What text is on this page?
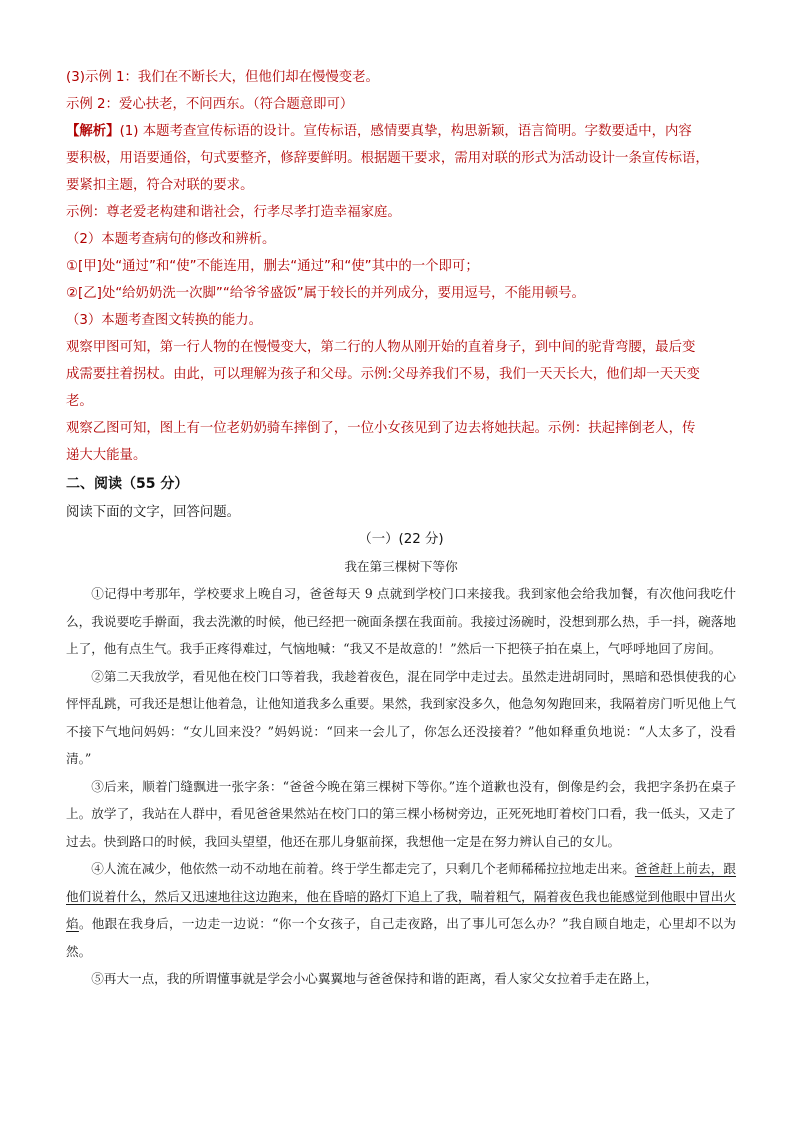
(3)示例 1：我们在不断长大，但他们却在慢慢变老。
示例 2：爱心扶老，不问西东。（符合题意即可）
【解析】(1) 本题考查宣传标语的设计。宣传标语，感情要真挚，构思新颖，语言简明。字数要适中，内容
要积极，用语要通俗，句式要整齐，修辞要鲜明。根据题干要求，需用对联的形式为活动设计一条宣传标语，
要紧扣主题，符合对联的要求。
示例：尊老爱老构建和谐社会，行孝尽孝打造幸福家庭。
（2）本题考查病句的修改和辨析。
①[甲]处“通过”和“使”不能连用，删去“通过”和“使”其中的一个即可；
②[乙]处“给奶奶洗一次脚”“给爷爷盛饭”属于较长的并列成分，要用逗号，不能用顿号。
（3）本题考查图文转换的能力。
观察甲图可知，第一行人物的在慢慢变大，第二行的人物从刚开始的直着身子，到中间的驼背弯腰，最后变
成需要拄着拐杖。由此，可以理解为孩子和父母。示例:父母养我们不易，我们一天天长大，他们却一天天变
老。
观察乙图可知，图上有一位老奶奶骑车摔倒了，一位小女孩见到了边去将她扶起。示例：扶起摔倒老人，传
递大大能量。
二、阅读（55 分）
阅读下面的文字，回答问题。
（一）(22 分)
我在第三棵树下等你
①记得中考那年，学校要求上晚自习，爸爸每天 9 点就到学校门口来接我。我到家他会给我加餐，有次他问我吃什么，我说要吃手擀面，我去洗漱的时候，他已经把一碗面条摆在我面前。我接过汤碗时，没想到那么热，手一抖，碗落地上了，他有点生气。我手正疼得难过，气恼地喊：“我又不是故意的！”然后一下把筷子拍在桌上，气呼呼地回了房间。
②第二天我放学，看见他在校门口等着我，我趁着夜色，混在同学中走过去。虽然走进胡同时，黑暗和恐惧使我的心怦怦乱跳，可我还是想让他着急，让他知道我多么重要。果然，我到家没多久，他急匆匆跑回来，我隔着房门听见他上气不接下气地问妈妈：“女儿回来没？”妈妈说：“回来一会儿了，你怎么还没接着？”他如释重负地说：“人太多了，没看清。”
③后来，顺着门缝飘进一张字条：“爸爸今晚在第三棵树下等你。”连个道歉也没有，倒像是约会，我把字条扔在桌子上。放学了，我站在人群中，看见爸爸果然站在校门口的第三棵小杨树旁边，正死死地盯着校门口看，我一低头，又走了过去。快到路口的时候，我回头望望，他还在那儿身躯前探，我想他一定是在努力辨认自己的女儿。
④人流在减少，他依然一动不动地在前着。终于学生都走完了，只剩几个老师稀稀拉拉地走出来。爸爸赶上前去，跟他们说着什么，然后又迅速地往这边跑来，他在昏暗的路灯下追上了我，喘着粗气，隔着夜色我也能感觉到他眼中冒出火焰。他跟在我身后，一边走一边说：“你一个女孩子，自己走夜路，出了事儿可怎么办？”我自顾自地走，心里却不以为然。
⑤再大一点，我的所谓懂事就是学会小心翼翼地与爸爸保持和谐的距离，看人家父女拉着手走在路上，
